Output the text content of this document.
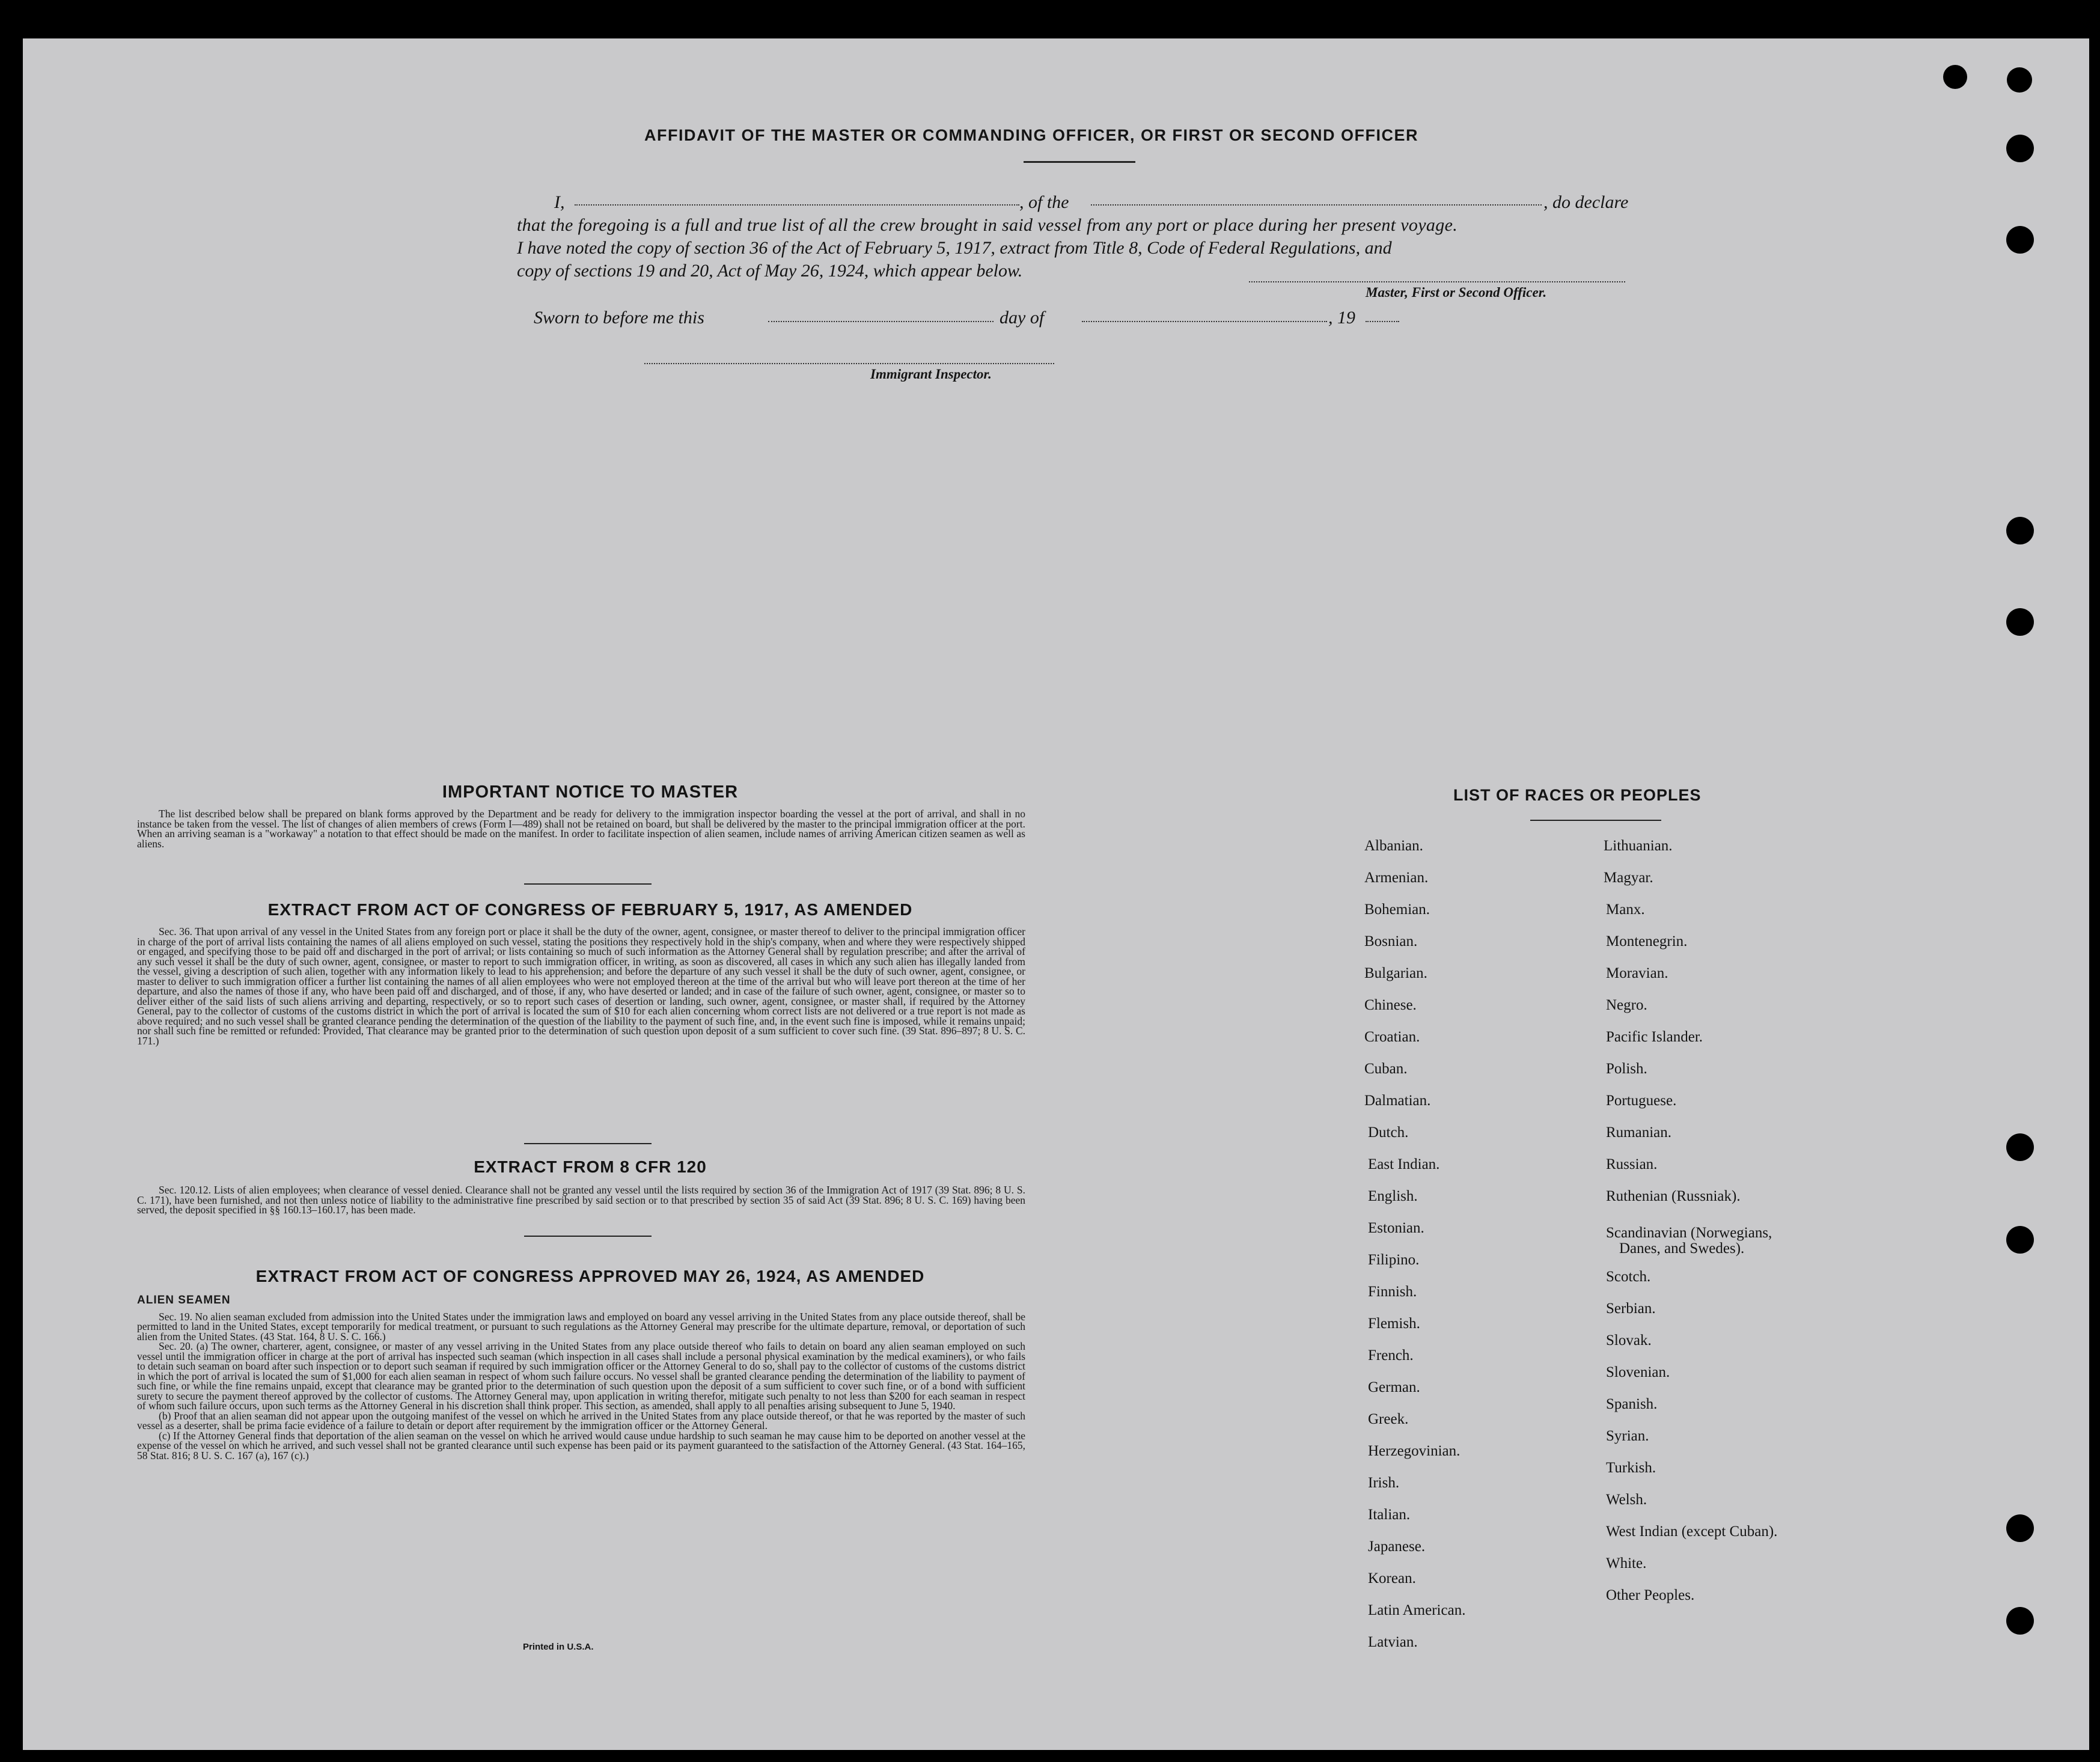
AFFIDAVIT OF THE MASTER OR COMMANDING OFFICER, OR FIRST OR SECOND OFFICER
I,	, of the	, do declare
that the foregoing is a full and true list of all the crew brought in said vessel from any port or place during her present voyage.
I have noted the copy of section 36 of the Act of February 5, 1917, extract from Title 8, Code of Federal Regulations, and
copy of sections 19 and 20, Act of May 26, 1924, which appear below.
Master, First or Second Officer.
Sworn to before me this	day of	, 19
Immigrant Inspector.
IMPORTANT NOTICE TO MASTER

The list described below shall be prepared on blank forms approved by the Department and be ready for delivery to the immigration inspector boarding the vessel at the port of arrival, and shall in no instance be taken from the vessel. The list of changes of alien members of crews (Form I—489) shall not be retained on board, but shall be delivered by the master to the principal immigration officer at the port. When an arriving seaman is a "workaway" a notation to that effect should be made on the manifest. In order to facilitate inspection of alien seamen, include names of arriving American citizen seamen as well as aliens.

EXTRACT FROM ACT OF CONGRESS OF FEBRUARY 5, 1917, AS AMENDED

Sec. 36. That upon arrival of any vessel in the United States from any foreign port or place it shall be the duty of the owner, agent, consignee, or master thereof to deliver to the principal immigration officer in charge of the port of arrival lists containing the names of all aliens employed on such vessel, stating the positions they respectively hold in the ship's company, when and where they were respectively shipped or engaged, and specifying those to be paid off and discharged in the port of arrival; or lists containing so much of such information as the Attorney General shall by regulation prescribe; and after the arrival of any such vessel it shall be the duty of such owner, agent, consignee, or master to report to such immigration officer, in writing, as soon as discovered, all cases in which any such alien has illegally landed from the vessel, giving a description of such alien, together with any information likely to lead to his apprehension; and before the departure of any such vessel it shall be the duty of such owner, agent, consignee, or master to deliver to such immigration officer a further list containing the names of all alien employees who were not employed thereon at the time of the arrival but who will leave port thereon at the time of her departure, and also the names of those if any, who have been paid off and discharged, and of those, if any, who have deserted or landed; and in case of the failure of such owner, agent, consignee, or master so to deliver either of the said lists of such aliens arriving and departing, respectively, or so to report such cases of desertion or landing, such owner, agent, consignee, or master shall, if required by the Attorney General, pay to the collector of customs of the customs district in which the port of arrival is located the sum of $10 for each alien concerning whom correct lists are not delivered or a true report is not made as above required; and no such vessel shall be granted clearance pending the determination of the question of the liability to the payment of such fine, and, in the event such fine is imposed, while it remains unpaid; nor shall such fine be remitted or refunded: Provided, That clearance may be granted prior to the determination of such question upon deposit of a sum sufficient to cover such fine. (39 Stat. 896–897; 8 U. S. C. 171.)

EXTRACT FROM 8 CFR 120

Sec. 120.12. Lists of alien employees; when clearance of vessel denied. Clearance shall not be granted any vessel until the lists required by section 36 of the Immigration Act of 1917 (39 Stat. 896; 8 U. S. C. 171), have been furnished, and not then unless notice of liability to the administrative fine prescribed by said section or to that prescribed by section 35 of said Act (39 Stat. 896; 8 U. S. C. 169) having been served, the deposit specified in §§ 160.13–160.17, has been made.

EXTRACT FROM ACT OF CONGRESS APPROVED MAY 26, 1924, AS AMENDED

ALIEN SEAMEN

Sec. 19. No alien seaman excluded from admission into the United States under the immigration laws and employed on board any vessel arriving in the United States from any place outside thereof, shall be permitted to land in the United States, except temporarily for medical treatment, or pursuant to such regulations as the Attorney General may prescribe for the ultimate departure, removal, or deportation of such alien from the United States. (43 Stat. 164, 8 U. S. C. 166.)

Sec. 20. (a) The owner, charterer, agent, consignee, or master of any vessel arriving in the United States from any place outside thereof who fails to detain on board any alien seaman employed on such vessel until the immigration officer in charge at the port of arrival has inspected such seaman (which inspection in all cases shall include a personal physical examination by the medical examiners), or who fails to detain such seaman on board after such inspection or to deport such seaman if required by such immigration officer or the Attorney General to do so, shall pay to the collector of customs of the customs district in which the port of arrival is located the sum of $1,000 for each alien seaman in respect of whom such failure occurs. No vessel shall be granted clearance pending the determination of the liability to payment of such fine, or while the fine remains unpaid, except that clearance may be granted prior to the determination of such question upon the deposit of a sum sufficient to cover such fine, or of a bond with sufficient surety to secure the payment thereof approved by the collector of customs. The Attorney General may, upon application in writing therefor, mitigate such penalty to not less than $200 for each seaman in respect of whom such failure occurs, upon such terms as the Attorney General in his discretion shall think proper. This section, as amended, shall apply to all penalties arising subsequent to June 5, 1940.

(b) Proof that an alien seaman did not appear upon the outgoing manifest of the vessel on which he arrived in the United States from any place outside thereof, or that he was reported by the master of such vessel as a deserter, shall be prima facie evidence of a failure to detain or deport after requirement by the immigration officer or the Attorney General.

(c) If the Attorney General finds that deportation of the alien seaman on the vessel on which he arrived would cause undue hardship to such seaman he may cause him to be deported on another vessel at the expense of the vessel on which he arrived, and such vessel shall not be granted clearance until such expense has been paid or its payment guaranteed to the satisfaction of the Attorney General. (43 Stat. 164–165, 58 Stat. 816; 8 U. S. C. 167 (a), 167 (c).)

Printed in U.S.A.
LIST OF RACES OR PEOPLES
Albanian.
Armenian.
Bohemian.
Bosnian.
Bulgarian.
Chinese.
Croatian.
Cuban.
Dalmatian.
Dutch.
East Indian.
English.
Estonian.
Filipino.
Finnish.
Flemish.
French.
German.
Greek.
Herzegovinian.
Irish.
Italian.
Japanese.
Korean.
Latin American.
Latvian.
Lithuanian.
Magyar.
Manx.
Montenegrin.
Moravian.
Negro.
Pacific Islander.
Polish.
Portuguese.
Rumanian.
Russian.
Ruthenian (Russniak).
Scandinavian (Norwegians,
Danes, and Swedes).
Scotch.
Serbian.
Slovak.
Slovenian.
Spanish.
Syrian.
Turkish.
Welsh.
West Indian (except Cuban).
White.
Other Peoples.
